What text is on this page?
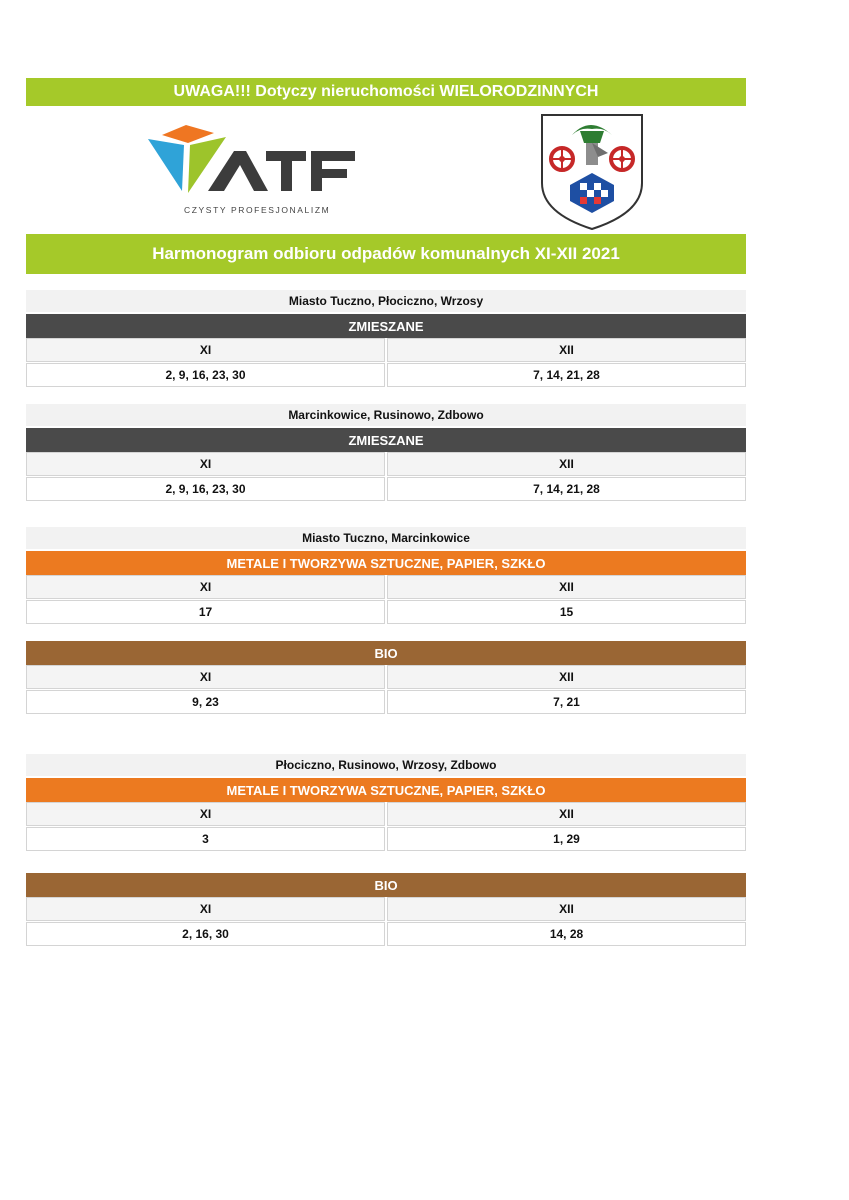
UWAGA!!! Dotyczy nieruchomości WIELORODZINNYCH
CZYSTY PROFESJONALIZM
Harmonogram odbioru odpadów komunalnych XI-XII 2021
Miasto Tuczno, Płociczno, Wrzosy
ZMIESZANE
XI	XII
2, 9, 16, 23, 30	7, 14, 21, 28
Marcinkowice, Rusinowo, Zdbowo
ZMIESZANE
XI	XII
2, 9, 16, 23, 30	7, 14, 21, 28
Miasto Tuczno, Marcinkowice
METALE I TWORZYWA SZTUCZNE, PAPIER, SZKŁO
XI	XII
17	15
BIO
XI	XII
9, 23	7, 21
Płociczno, Rusinowo, Wrzosy, Zdbowo
METALE I TWORZYWA SZTUCZNE, PAPIER, SZKŁO
XI	XII
3	1, 29
BIO
XI	XII
2, 16, 30	14, 28
